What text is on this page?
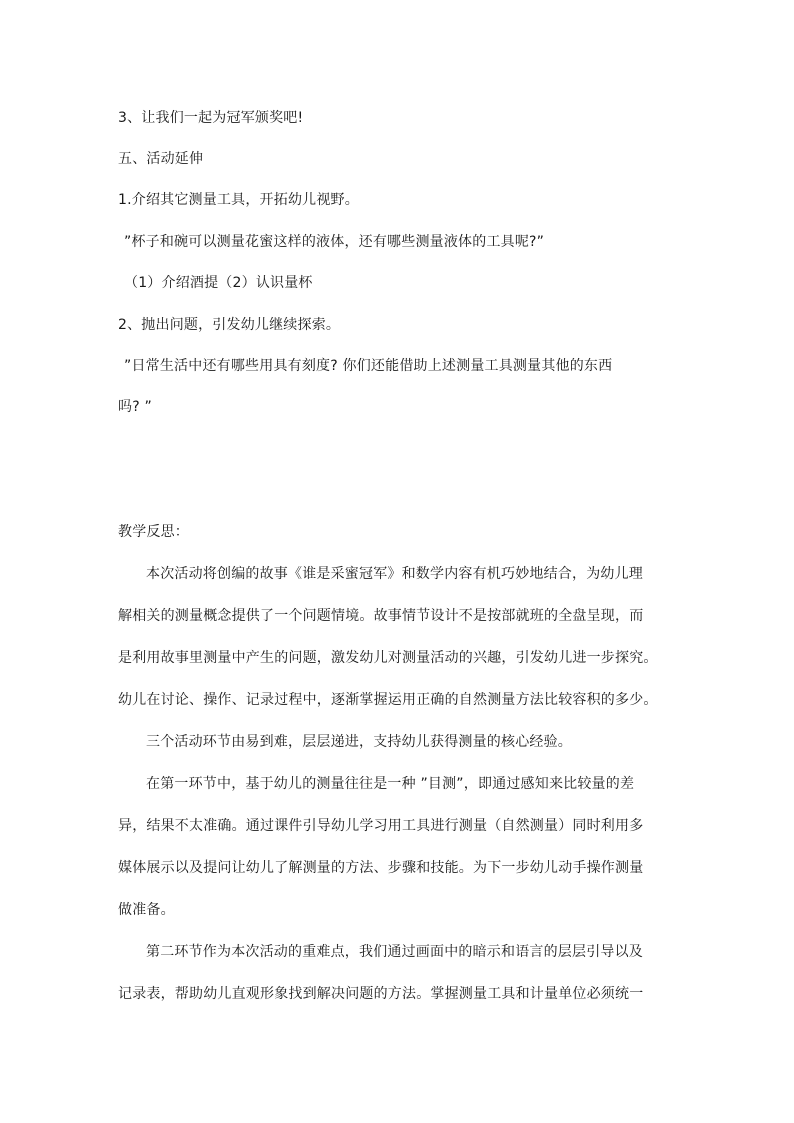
3、让我们一起为冠军颁奖吧!
五、活动延伸
1.介绍其它测量工具，开拓幼儿视野。
”杯子和碗可以测量花蜜这样的液体，还有哪些测量液体的工具呢?”
（1）介绍酒提（2）认识量杯
2、抛出问题，引发幼儿继续探索。
”日常生活中还有哪些用具有刻度? 你们还能借助上述测量工具测量其他的东西
吗? ”
教学反思：
本次活动将创编的故事《谁是采蜜冠军》和数学内容有机巧妙地结合，为幼儿理
解相关的测量概念提供了一个问题情境。故事情节设计不是按部就班的全盘呈现，而
是利用故事里测量中产生的问题，激发幼儿对测量活动的兴趣，引发幼儿进一步探究。
幼儿在讨论、操作、记录过程中，逐渐掌握运用正确的自然测量方法比较容积的多少。
三个活动环节由易到难，层层递进，支持幼儿获得测量的核心经验。
在第一环节中，基于幼儿的测量往往是一种 ”目测”，即通过感知来比较量的差
异，结果不太准确。通过课件引导幼儿学习用工具进行测量（自然测量）同时利用多
媒体展示以及提问让幼儿了解测量的方法、步骤和技能。为下一步幼儿动手操作测量
做准备。
第二环节作为本次活动的重难点，我们通过画面中的暗示和语言的层层引导以及
记录表，帮助幼儿直观形象找到解决问题的方法。掌握测量工具和计量单位必须统一
